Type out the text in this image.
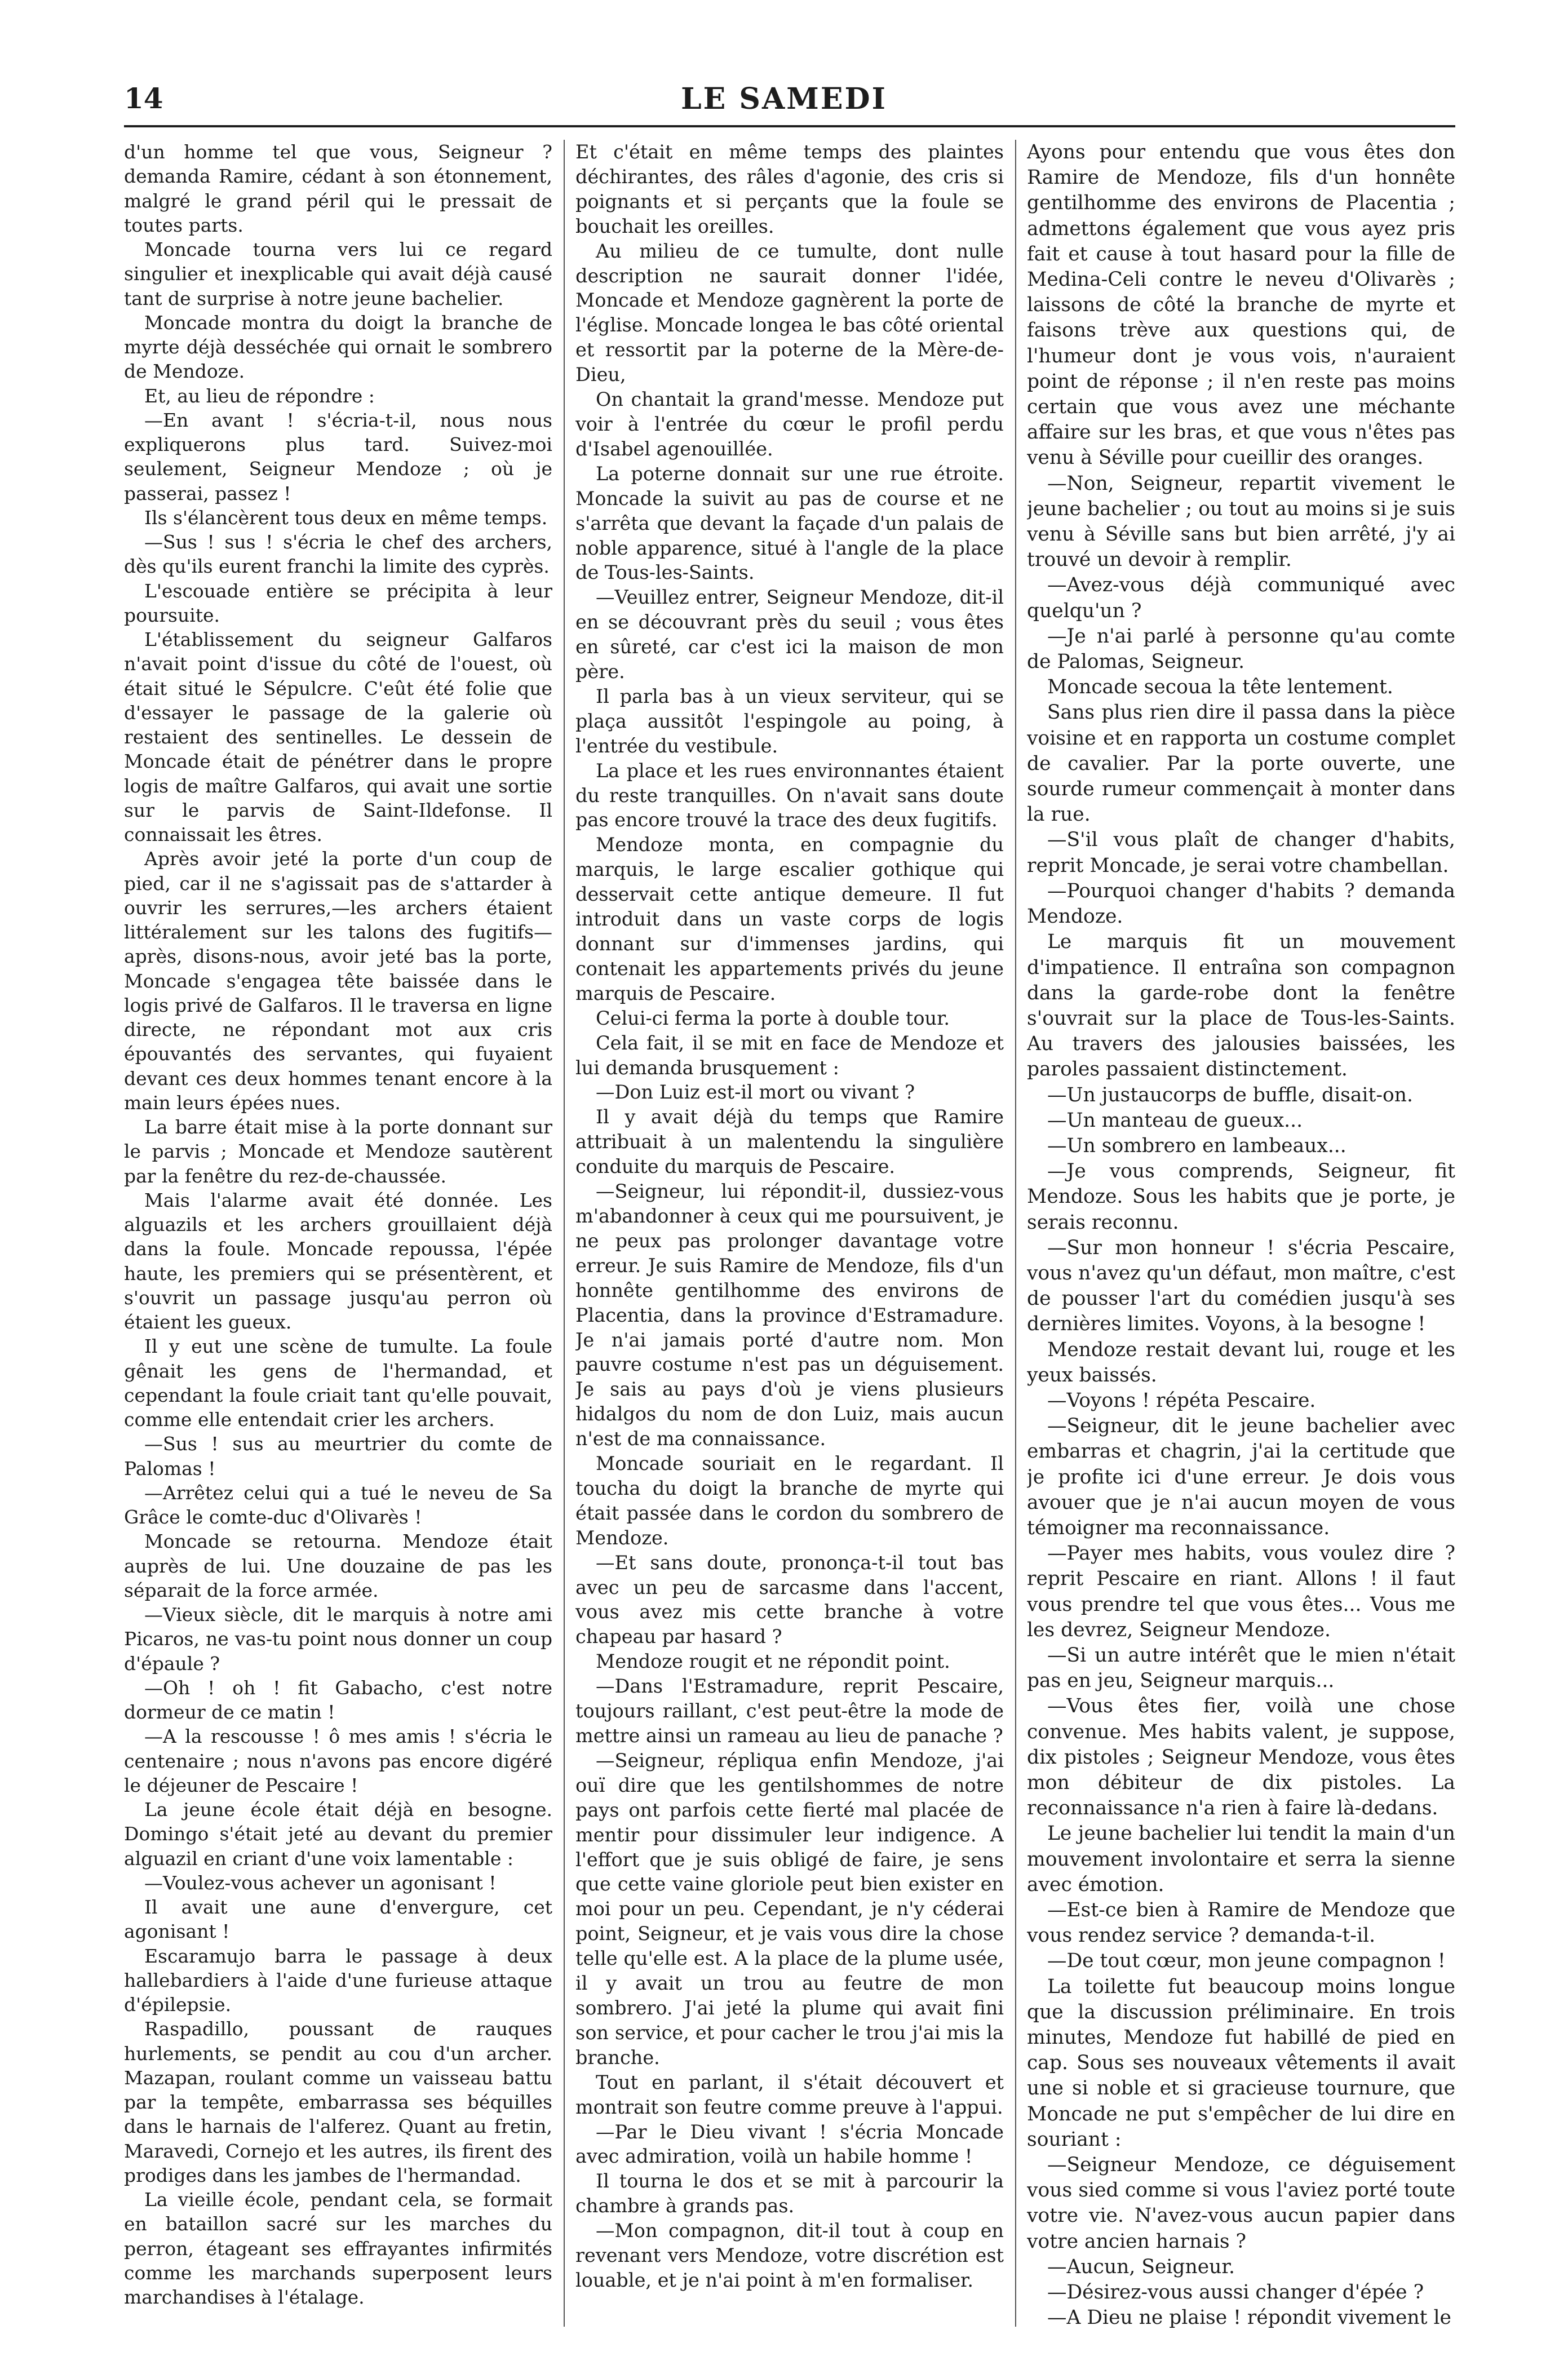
14	LE SAMEDI

d'un homme tel que vous, Seigneur ? demanda Ramire, cédant à son étonnement, malgré le grand péril qui le pressait de toutes parts.

Moncade tourna vers lui ce regard singulier et inexplicable qui avait déjà causé tant de surprise à notre jeune bachelier.

Moncade montra du doigt la branche de myrte déjà desséchée qui ornait le sombrero de Mendoze.

Et, au lieu de répondre :

—En avant ! s'écria-t-il, nous nous expliquerons plus tard. Suivez-moi seulement, Seigneur Mendoze ; où je passerai, passez !

Ils s'élancèrent tous deux en même temps.

—Sus ! sus ! s'écria le chef des archers, dès qu'ils eurent franchi la limite des cyprès.

L'escouade entière se précipita à leur poursuite.

L'établissement du seigneur Galfaros n'avait point d'issue du côté de l'ouest, où était situé le Sépulcre. C'eût été folie que d'essayer le passage de la galerie où restaient des sentinelles. Le dessein de Moncade était de pénétrer dans le propre logis de maître Galfaros, qui avait une sortie sur le parvis de Saint-Ildefonse. Il connaissait les êtres.

Après avoir jeté la porte d'un coup de pied, car il ne s'agissait pas de s'attarder à ouvrir les serrures,—les archers étaient littéralement sur les talons des fugitifs—après, disons-nous, avoir jeté bas la porte, Moncade s'engagea tête baissée dans le logis privé de Galfaros. Il le traversa en ligne directe, ne répondant mot aux cris épouvantés des servantes, qui fuyaient devant ces deux hommes tenant encore à la main leurs épées nues.

La barre était mise à la porte donnant sur le parvis ; Moncade et Mendoze sautèrent par la fenêtre du rez-de-chaussée.

Mais l'alarme avait été donnée. Les alguazils et les archers grouillaient déjà dans la foule. Moncade repoussa, l'épée haute, les premiers qui se présentèrent, et s'ouvrit un passage jusqu'au perron où étaient les gueux.

Il y eut une scène de tumulte. La foule gênait les gens de l'hermandad, et cependant la foule criait tant qu'elle pouvait, comme elle entendait crier les archers.

—Sus ! sus au meurtrier du comte de Palomas !

—Arrêtez celui qui a tué le neveu de Sa Grâce le comte-duc d'Olivarès !

Moncade se retourna. Mendoze était auprès de lui. Une douzaine de pas les séparait de la force armée.

—Vieux siècle, dit le marquis à notre ami Picaros, ne vas-tu point nous donner un coup d'épaule ?

—Oh ! oh ! fit Gabacho, c'est notre dormeur de ce matin !

—A la rescousse ! ô mes amis ! s'écria le centenaire ; nous n'avons pas encore digéré le déjeuner de Pescaire !

La jeune école était déjà en besogne. Domingo s'était jeté au devant du premier alguazil en criant d'une voix lamentable :

—Voulez-vous achever un agonisant !

Il avait une aune d'envergure, cet agonisant !

Escaramujo barra le passage à deux hallebardiers à l'aide d'une furieuse attaque d'épilepsie.

Raspadillo, poussant de rauques hurlements, se pendit au cou d'un archer. Mazapan, roulant comme un vaisseau battu par la tempête, embarrassa ses béquilles dans le harnais de l'alferez. Quant au fretin, Maravedi, Cornejo et les autres, ils firent des prodiges dans les jambes de l'hermandad.

La vieille école, pendant cela, se formait en bataillon sacré sur les marches du perron, étageant ses effrayantes infirmités comme les marchands superposent leurs marchandises à l'étalage.

Et c'était en même temps des plaintes déchirantes, des râles d'agonie, des cris si poignants et si perçants que la foule se bouchait les oreilles.

Au milieu de ce tumulte, dont nulle description ne saurait donner l'idée, Moncade et Mendoze gagnèrent la porte de l'église. Moncade longea le bas côté oriental et ressortit par la poterne de la Mère-de-Dieu,

On chantait la grand'messe. Mendoze put voir à l'entrée du cœur le profil perdu d'Isabel agenouillée.

La poterne donnait sur une rue étroite. Moncade la suivit au pas de course et ne s'arrêta que devant la façade d'un palais de noble apparence, situé à l'angle de la place de Tous-les-Saints.

—Veuillez entrer, Seigneur Mendoze, dit-il en se découvrant près du seuil ; vous êtes en sûreté, car c'est ici la maison de mon père.

Il parla bas à un vieux serviteur, qui se plaça aussitôt l'espingole au poing, à l'entrée du vestibule.

La place et les rues environnantes étaient du reste tranquilles. On n'avait sans doute pas encore trouvé la trace des deux fugitifs.

Mendoze monta, en compagnie du marquis, le large escalier gothique qui desservait cette antique demeure. Il fut introduit dans un vaste corps de logis donnant sur d'immenses jardins, qui contenait les appartements privés du jeune marquis de Pescaire.

Celui-ci ferma la porte à double tour.

Cela fait, il se mit en face de Mendoze et lui demanda brusquement :

—Don Luiz est-il mort ou vivant ?

Il y avait déjà du temps que Ramire attribuait à un malentendu la singulière conduite du marquis de Pescaire.

—Seigneur, lui répondit-il, dussiez-vous m'abandonner à ceux qui me poursuivent, je ne peux pas prolonger davantage votre erreur. Je suis Ramire de Mendoze, fils d'un honnête gentilhomme des environs de Placentia, dans la province d'Estramadure. Je n'ai jamais porté d'autre nom. Mon pauvre costume n'est pas un déguisement. Je sais au pays d'où je viens plusieurs hidalgos du nom de don Luiz, mais aucun n'est de ma connaissance.

Moncade souriait en le regardant. Il toucha du doigt la branche de myrte qui était passée dans le cordon du sombrero de Mendoze.

—Et sans doute, prononça-t-il tout bas avec un peu de sarcasme dans l'accent, vous avez mis cette branche à votre chapeau par hasard ?

Mendoze rougit et ne répondit point.

—Dans l'Estramadure, reprit Pescaire, toujours raillant, c'est peut-être la mode de mettre ainsi un rameau au lieu de panache ?

—Seigneur, répliqua enfin Mendoze, j'ai ouï dire que les gentilshommes de notre pays ont parfois cette fierté mal placée de mentir pour dissimuler leur indigence. A l'effort que je suis obligé de faire, je sens que cette vaine gloriole peut bien exister en moi pour un peu. Cependant, je n'y céderai point, Seigneur, et je vais vous dire la chose telle qu'elle est. A la place de la plume usée, il y avait un trou au feutre de mon sombrero. J'ai jeté la plume qui avait fini son service, et pour cacher le trou j'ai mis la branche.

Tout en parlant, il s'était découvert et montrait son feutre comme preuve à l'appui.

—Par le Dieu vivant ! s'écria Moncade avec admiration, voilà un habile homme !

Il tourna le dos et se mit à parcourir la chambre à grands pas.

—Mon compagnon, dit-il tout à coup en revenant vers Mendoze, votre discrétion est louable, et je n'ai point à m'en formaliser.

Ayons pour entendu que vous êtes don Ramire de Mendoze, fils d'un honnête gentilhomme des environs de Placentia ; admettons également que vous ayez pris fait et cause à tout hasard pour la fille de Medina-Celi contre le neveu d'Olivarès ; laissons de côté la branche de myrte et faisons trève aux questions qui, de l'humeur dont je vous vois, n'auraient point de réponse ; il n'en reste pas moins certain que vous avez une méchante affaire sur les bras, et que vous n'êtes pas venu à Séville pour cueillir des oranges.

—Non, Seigneur, repartit vivement le jeune bachelier ; ou tout au moins si je suis venu à Séville sans but bien arrêté, j'y ai trouvé un devoir à remplir.

—Avez-vous déjà communiqué avec quelqu'un ?

—Je n'ai parlé à personne qu'au comte de Palomas, Seigneur.

Moncade secoua la tête lentement.

Sans plus rien dire il passa dans la pièce voisine et en rapporta un costume complet de cavalier. Par la porte ouverte, une sourde rumeur commençait à monter dans la rue.

—S'il vous plaît de changer d'habits, reprit Moncade, je serai votre chambellan.

—Pourquoi changer d'habits ? demanda Mendoze.

Le marquis fit un mouvement d'impatience. Il entraîna son compagnon dans la garde-robe dont la fenêtre s'ouvrait sur la place de Tous-les-Saints. Au travers des jalousies baissées, les paroles passaient distinctement.

—Un justaucorps de buffle, disait-on.

—Un manteau de gueux...

—Un sombrero en lambeaux...

—Je vous comprends, Seigneur, fit Mendoze. Sous les habits que je porte, je serais reconnu.

—Sur mon honneur ! s'écria Pescaire, vous n'avez qu'un défaut, mon maître, c'est de pousser l'art du comédien jusqu'à ses dernières limites. Voyons, à la besogne !

Mendoze restait devant lui, rouge et les yeux baissés.

—Voyons ! répéta Pescaire.

—Seigneur, dit le jeune bachelier avec embarras et chagrin, j'ai la certitude que je profite ici d'une erreur. Je dois vous avouer que je n'ai aucun moyen de vous témoigner ma reconnaissance.

—Payer mes habits, vous voulez dire ? reprit Pescaire en riant. Allons ! il faut vous prendre tel que vous êtes... Vous me les devrez, Seigneur Mendoze.

—Si un autre intérêt que le mien n'était pas en jeu, Seigneur marquis...

—Vous êtes fier, voilà une chose convenue. Mes habits valent, je suppose, dix pistoles ; Seigneur Mendoze, vous êtes mon débiteur de dix pistoles. La reconnaissance n'a rien à faire là-dedans.

Le jeune bachelier lui tendit la main d'un mouvement involontaire et serra la sienne avec émotion.

—Est-ce bien à Ramire de Mendoze que vous rendez service ? demanda-t-il.

—De tout cœur, mon jeune compagnon !

La toilette fut beaucoup moins longue que la discussion préliminaire. En trois minutes, Mendoze fut habillé de pied en cap. Sous ses nouveaux vêtements il avait une si noble et si gracieuse tournure, que Moncade ne put s'empêcher de lui dire en souriant :

—Seigneur Mendoze, ce déguisement vous sied comme si vous l'aviez porté toute votre vie. N'avez-vous aucun papier dans votre ancien harnais ?

—Aucun, Seigneur.

—Désirez-vous aussi changer d'épée ?

—A Dieu ne plaise ! répondit vivement le
